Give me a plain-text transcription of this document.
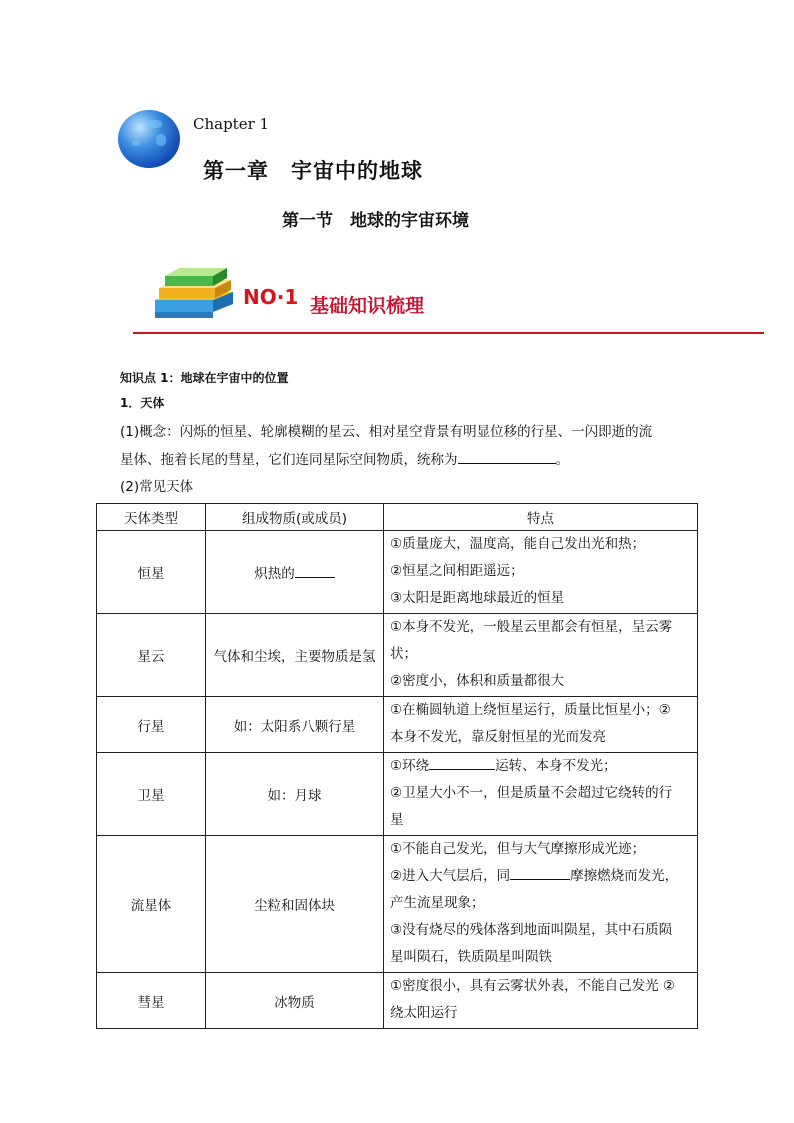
Chapter 1
第一章　宇宙中的地球
第一节　地球的宇宙环境
NO·1 基础知识梳理
知识点 1：地球在宇宙中的位置
1．天体
(1)概念：闪烁的恒星、轮廓模糊的星云、相对星空背景有明显位移的行星、一闪即逝的流
星体、拖着长尾的彗星，它们连同星际空间物质，统称为	。
(2)常见天体
天体类型	组成物质(或成员)	特点
恒星	炽热的	①质量庞大，温度高，能自己发出光和热；
②恒星之间相距遥远；
③太阳是距离地球最近的恒星

星云	气体和尘埃，主要物质是氢	①本身不发光，一般星云里都会有恒星，呈云雾
状；
②密度小，体积和质量都很大

行星	如：太阳系八颗行星	①在椭圆轨道上绕恒星运行，质量比恒星小；②
本身不发光，靠反射恒星的光而发亮

卫星	如：月球	①环绕 运转、本身不发光；
②卫星大小不一，但是质量不会超过它绕转的行
星

流星体	尘粒和固体块	①不能自己发光，但与大气摩擦形成光迹；
②进入大气层后，同 摩擦燃烧而发光，
产生流星现象；
③没有烧尽的残体落到地面叫陨星，其中石质陨
星叫陨石，铁质陨星叫陨铁

彗星	冰物质	①密度很小，具有云雾状外表，不能自己发光 ②
绕太阳运行
